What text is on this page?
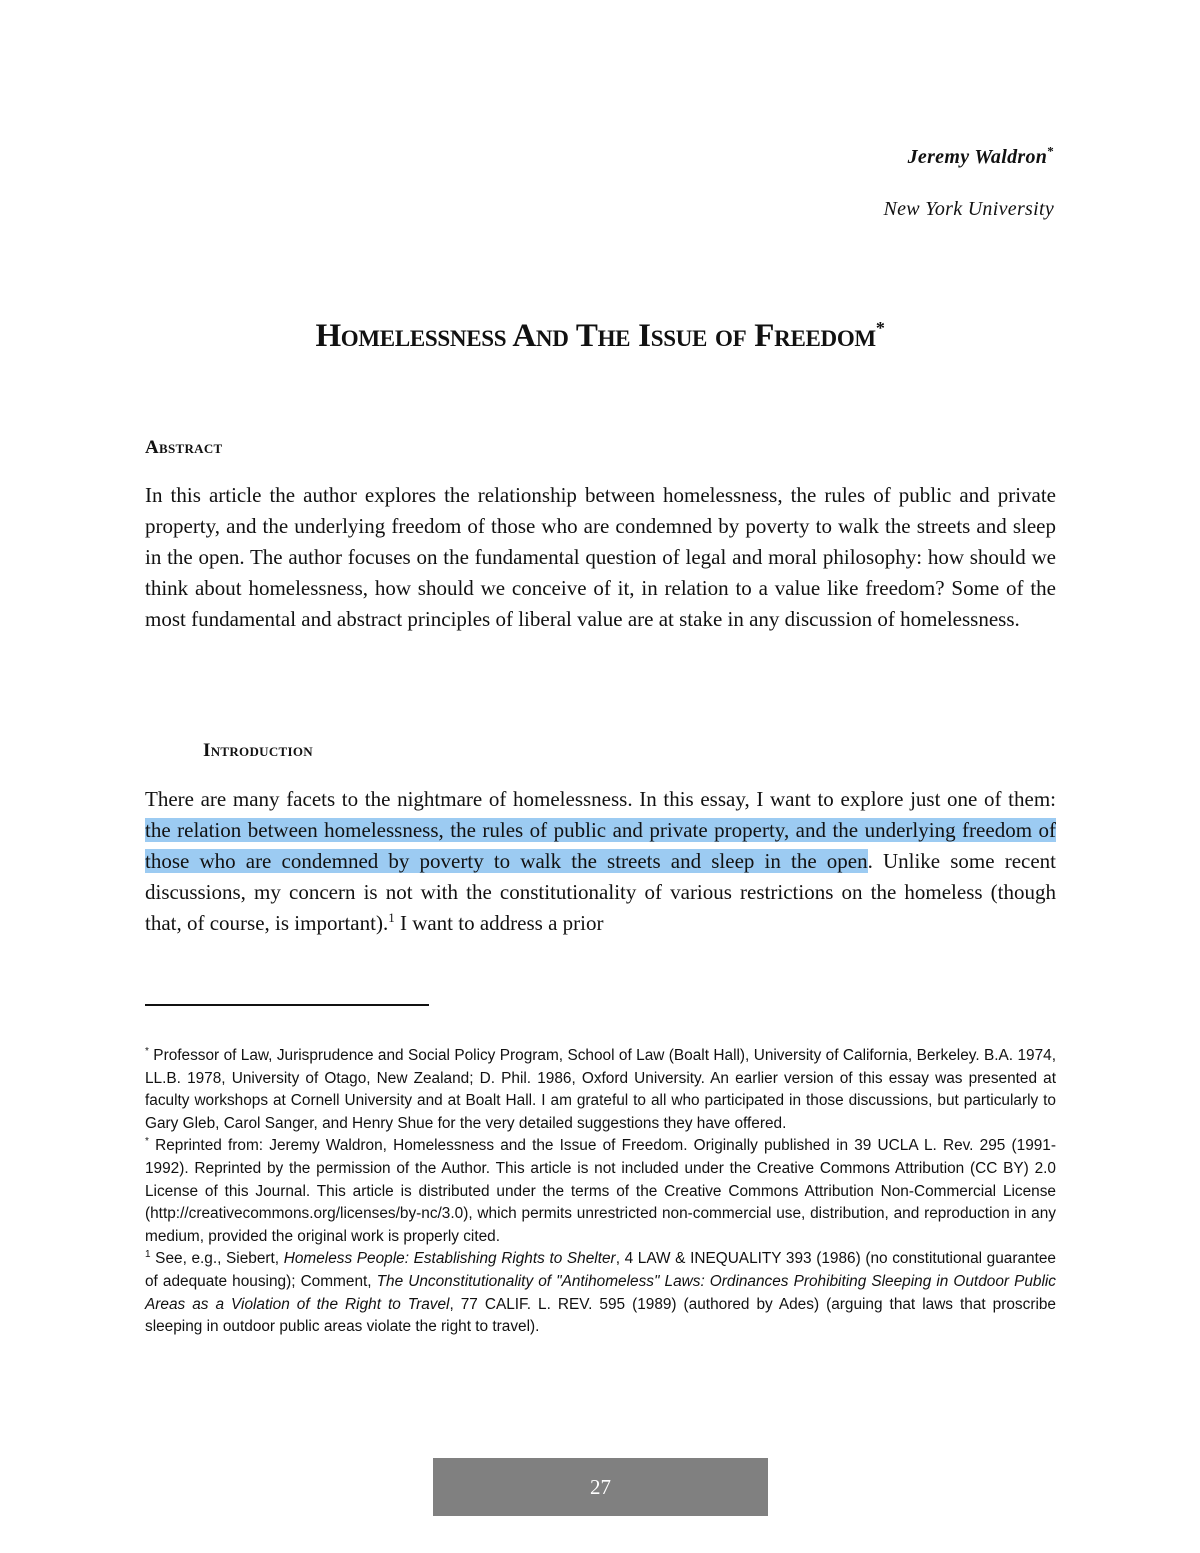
Jeremy Waldron*
New York University
Homelessness And The Issue of Freedom*
Abstract
In this article the author explores the relationship between homelessness, the rules of public and private property, and the underlying freedom of those who are condemned by poverty to walk the streets and sleep in the open. The author focuses on the fundamental question of legal and moral philosophy: how should we think about homelessness, how should we conceive of it, in relation to a value like freedom? Some of the most fundamental and abstract principles of liberal value are at stake in any discussion of homelessness.
Introduction
There are many facets to the nightmare of homelessness. In this essay, I want to explore just one of them: the relation between homelessness, the rules of public and private property, and the underlying freedom of those who are condemned by poverty to walk the streets and sleep in the open. Unlike some recent discussions, my concern is not with the constitutionality of various restrictions on the homeless (though that, of course, is important).$^1$ I want to address a prior

* Professor of Law, Jurisprudence and Social Policy Program, School of Law (Boalt Hall), University of California, Berkeley. B.A. 1974, LL.B. 1978, University of Otago, New Zealand; D. Phil. 1986, Oxford University. An earlier version of this essay was presented at faculty workshops at Cornell University and at Boalt Hall. I am grateful to all who participated in those discussions, but particularly to Gary Gleb, Carol Sanger, and Henry Shue for the very detailed suggestions they have offered.

* Reprinted from: Jeremy Waldron, Homelessness and the Issue of Freedom. Originally published in 39 UCLA L. Rev. 295 (1991-1992). Reprinted by the permission of the Author. This article is not included under the Creative Commons Attribution (CC BY) 2.0 License of this Journal. This article is distributed under the terms of the Creative Commons Attribution Non-Commercial License (http://creativecommons.org/licenses/by-nc/3.0), which permits unrestricted non-commercial use, distribution, and reproduction in any medium, provided the original work is properly cited.

$^1$ See, e.g., Siebert, Homeless People: Establishing Rights to Shelter, 4 LAW & INEQUALITY 393 (1986) (no constitutional guarantee of adequate housing); Comment, The Unconstitutionality of "Antihomeless" Laws: Ordinances Prohibiting Sleeping in Outdoor Public Areas as a Violation of the Right to Travel, 77 CALIF. L. REV. 595 (1989) (authored by Ades) (arguing that laws that proscribe sleeping in outdoor public areas violate the right to travel).

27
